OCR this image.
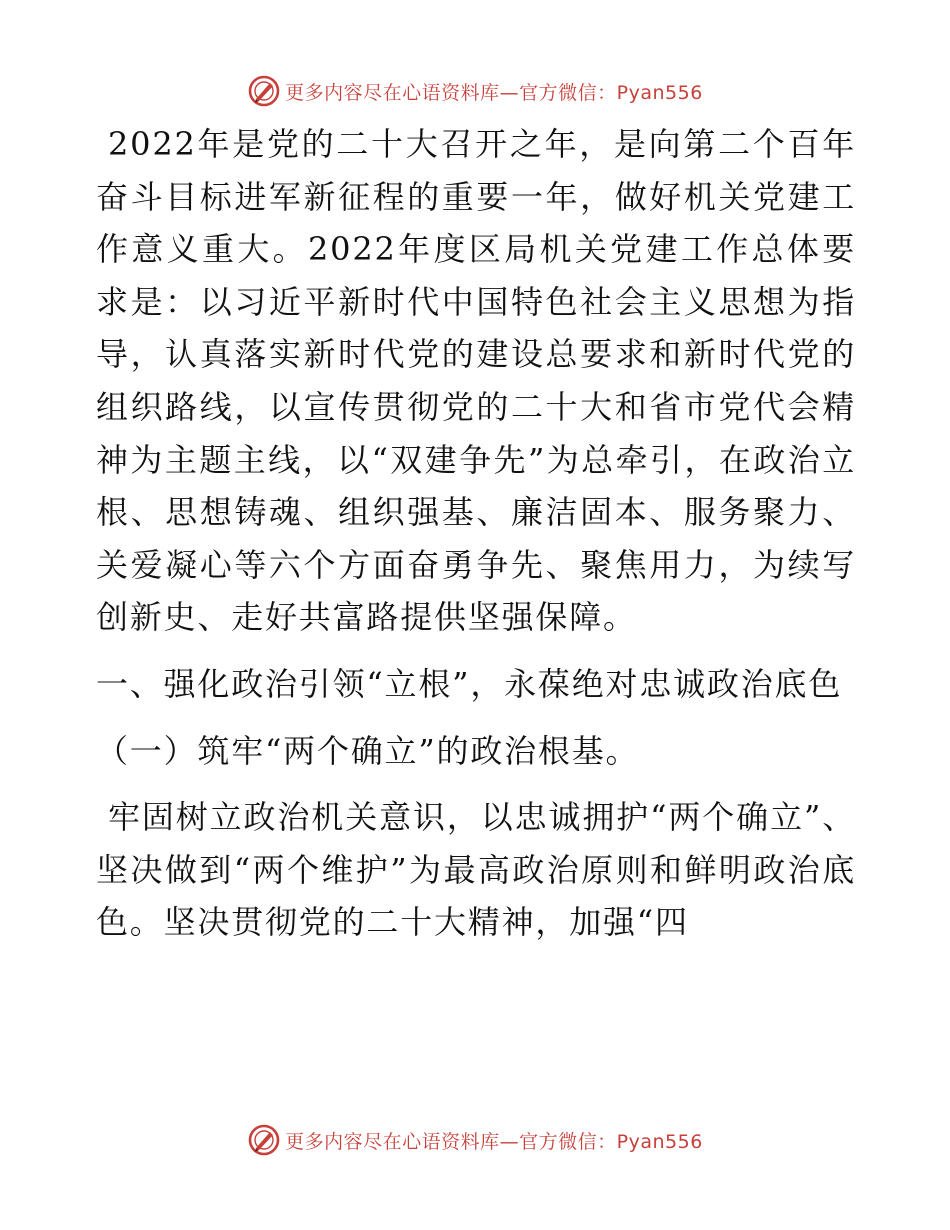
更多内容尽在心语资料库—官方微信：Pyan556

2022年是党的二十大召开之年，是向第二个百年奋斗目标进军新征程的重要一年，做好机关党建工作意义重大。2022年度区局机关党建工作总体要求是：以习近平新时代中国特色社会主义思想为指导，认真落实新时代党的建设总要求和新时代党的组织路线，以宣传贯彻党的二十大和省市党代会精神为主题主线，以“双建争先”为总牵引，在政治立根、思想铸魂、组织强基、廉洁固本、服务聚力、关爱凝心等六个方面奋勇争先、聚焦用力，为续写创新史、走好共富路提供坚强保障。

一、强化政治引领“立根”，永葆绝对忠诚政治底色

（一）筑牢“两个确立”的政治根基。

牢固树立政治机关意识，以忠诚拥护“两个确立”、坚决做到“两个维护”为最高政治原则和鲜明政治底色。坚决贯彻党的二十大精神，加强“四

更多内容尽在心语资料库—官方微信：Pyan556
